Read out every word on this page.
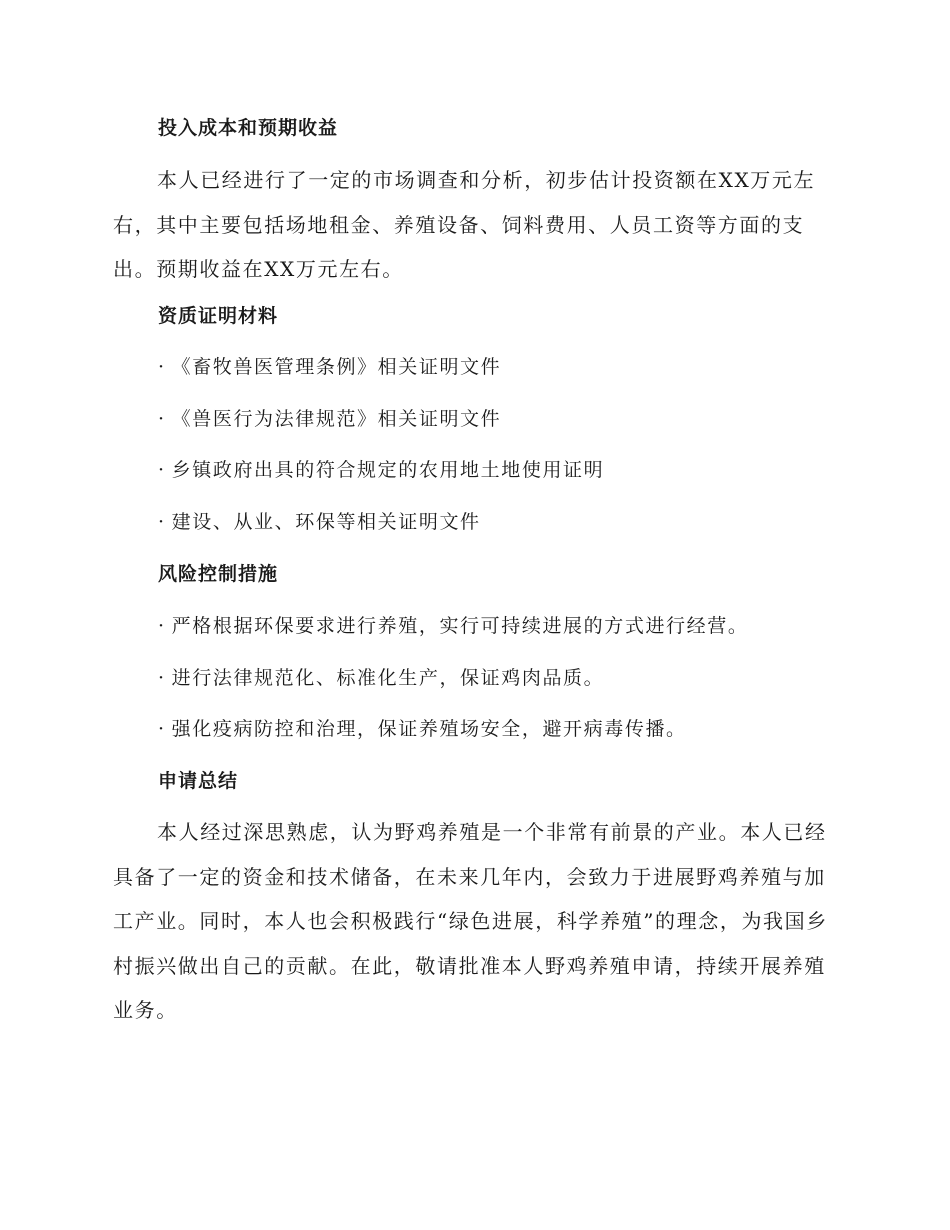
投入成本和预期收益

本人已经进行了一定的市场调查和分析，初步估计投资额在XX万元左右，其中主要包括场地租金、养殖设备、饲料费用、人员工资等方面的支出。预期收益在XX万元左右。

资质证明材料
· 《畜牧兽医管理条例》相关证明文件
· 《兽医行为法律规范》相关证明文件
· 乡镇政府出具的符合规定的农用地土地使用证明
· 建设、从业、环保等相关证明文件
风险控制措施
· 严格根据环保要求进行养殖，实行可持续进展的方式进行经营。
· 进行法律规范化、标准化生产，保证鸡肉品质。
· 强化疫病防控和治理，保证养殖场安全，避开病毒传播。
申请总结

本人经过深思熟虑，认为野鸡养殖是一个非常有前景的产业。本人已经具备了一定的资金和技术储备，在未来几年内，会致力于进展野鸡养殖与加工产业。同时，本人也会积极践行“绿色进展，科学养殖”的理念，为我国乡村振兴做出自己的贡献。在此，敬请批准本人野鸡养殖申请，持续开展养殖业务。
